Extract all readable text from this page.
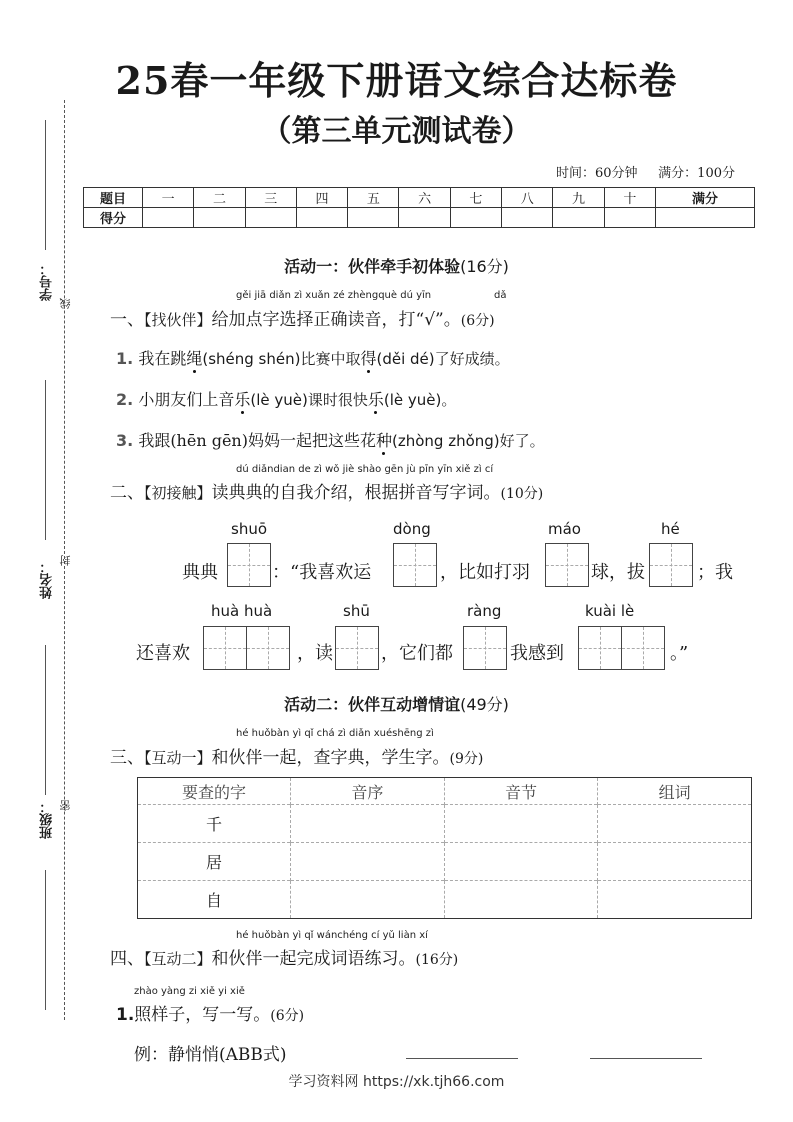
学号：
线
姓名： 封
班级： 密
25春一年级下册语文综合达标卷
（第三单元测试卷）
时间：60分钟 满分：100分
题目	一	二	三	四	五	六	七	八	九	十	满分
得分											
活动一：伙伴牵手初体验(16分)
gěi jiā diǎn zì xuǎn zé zhèngquè dú yīn	dǎ
一、【找伙伴】给加点字选择正确读音，打“√”。(6分)
1. 我在跳绳(shéng shén)比赛中取得(děi dé)了好成绩。
2. 小朋友们上音乐(lè yuè)课时很快乐(lè yuè)。
3. 我跟(hēn gēn)妈妈一起把这些花种(zhòng zhǒng)好了。
dú diǎndian de zì wǒ jiè shào gēn jù pīn yīn xiě zì cí
二、【初接触】读典典的自我介绍，根据拼音写字词。(10分)
shuō	dòng	máo	hé
典典	：“我喜欢运	，比如打羽	球，拔	；我
huà huà	shū	ràng	kuài lè
还喜欢	，读	，它们都	我感到	。”
活动二：伙伴互动增情谊(49分)
hé huǒbàn yì qǐ chá zì diǎn xuéshēng zì
三、【互动一】和伙伴一起，查字典，学生字。(9分)
要查的字	音序	音节	组词
千			
居			
自			
hé huǒbàn yì qǐ wánchéng cí yǔ liàn xí
四、【互动二】和伙伴一起完成词语练习。(16分)
zhào yàng zi xiě yi xiě
1.照样子，写一写。(6分)
例：静悄悄(ABB式)
学习资料网 https://xk.tjh66.com
